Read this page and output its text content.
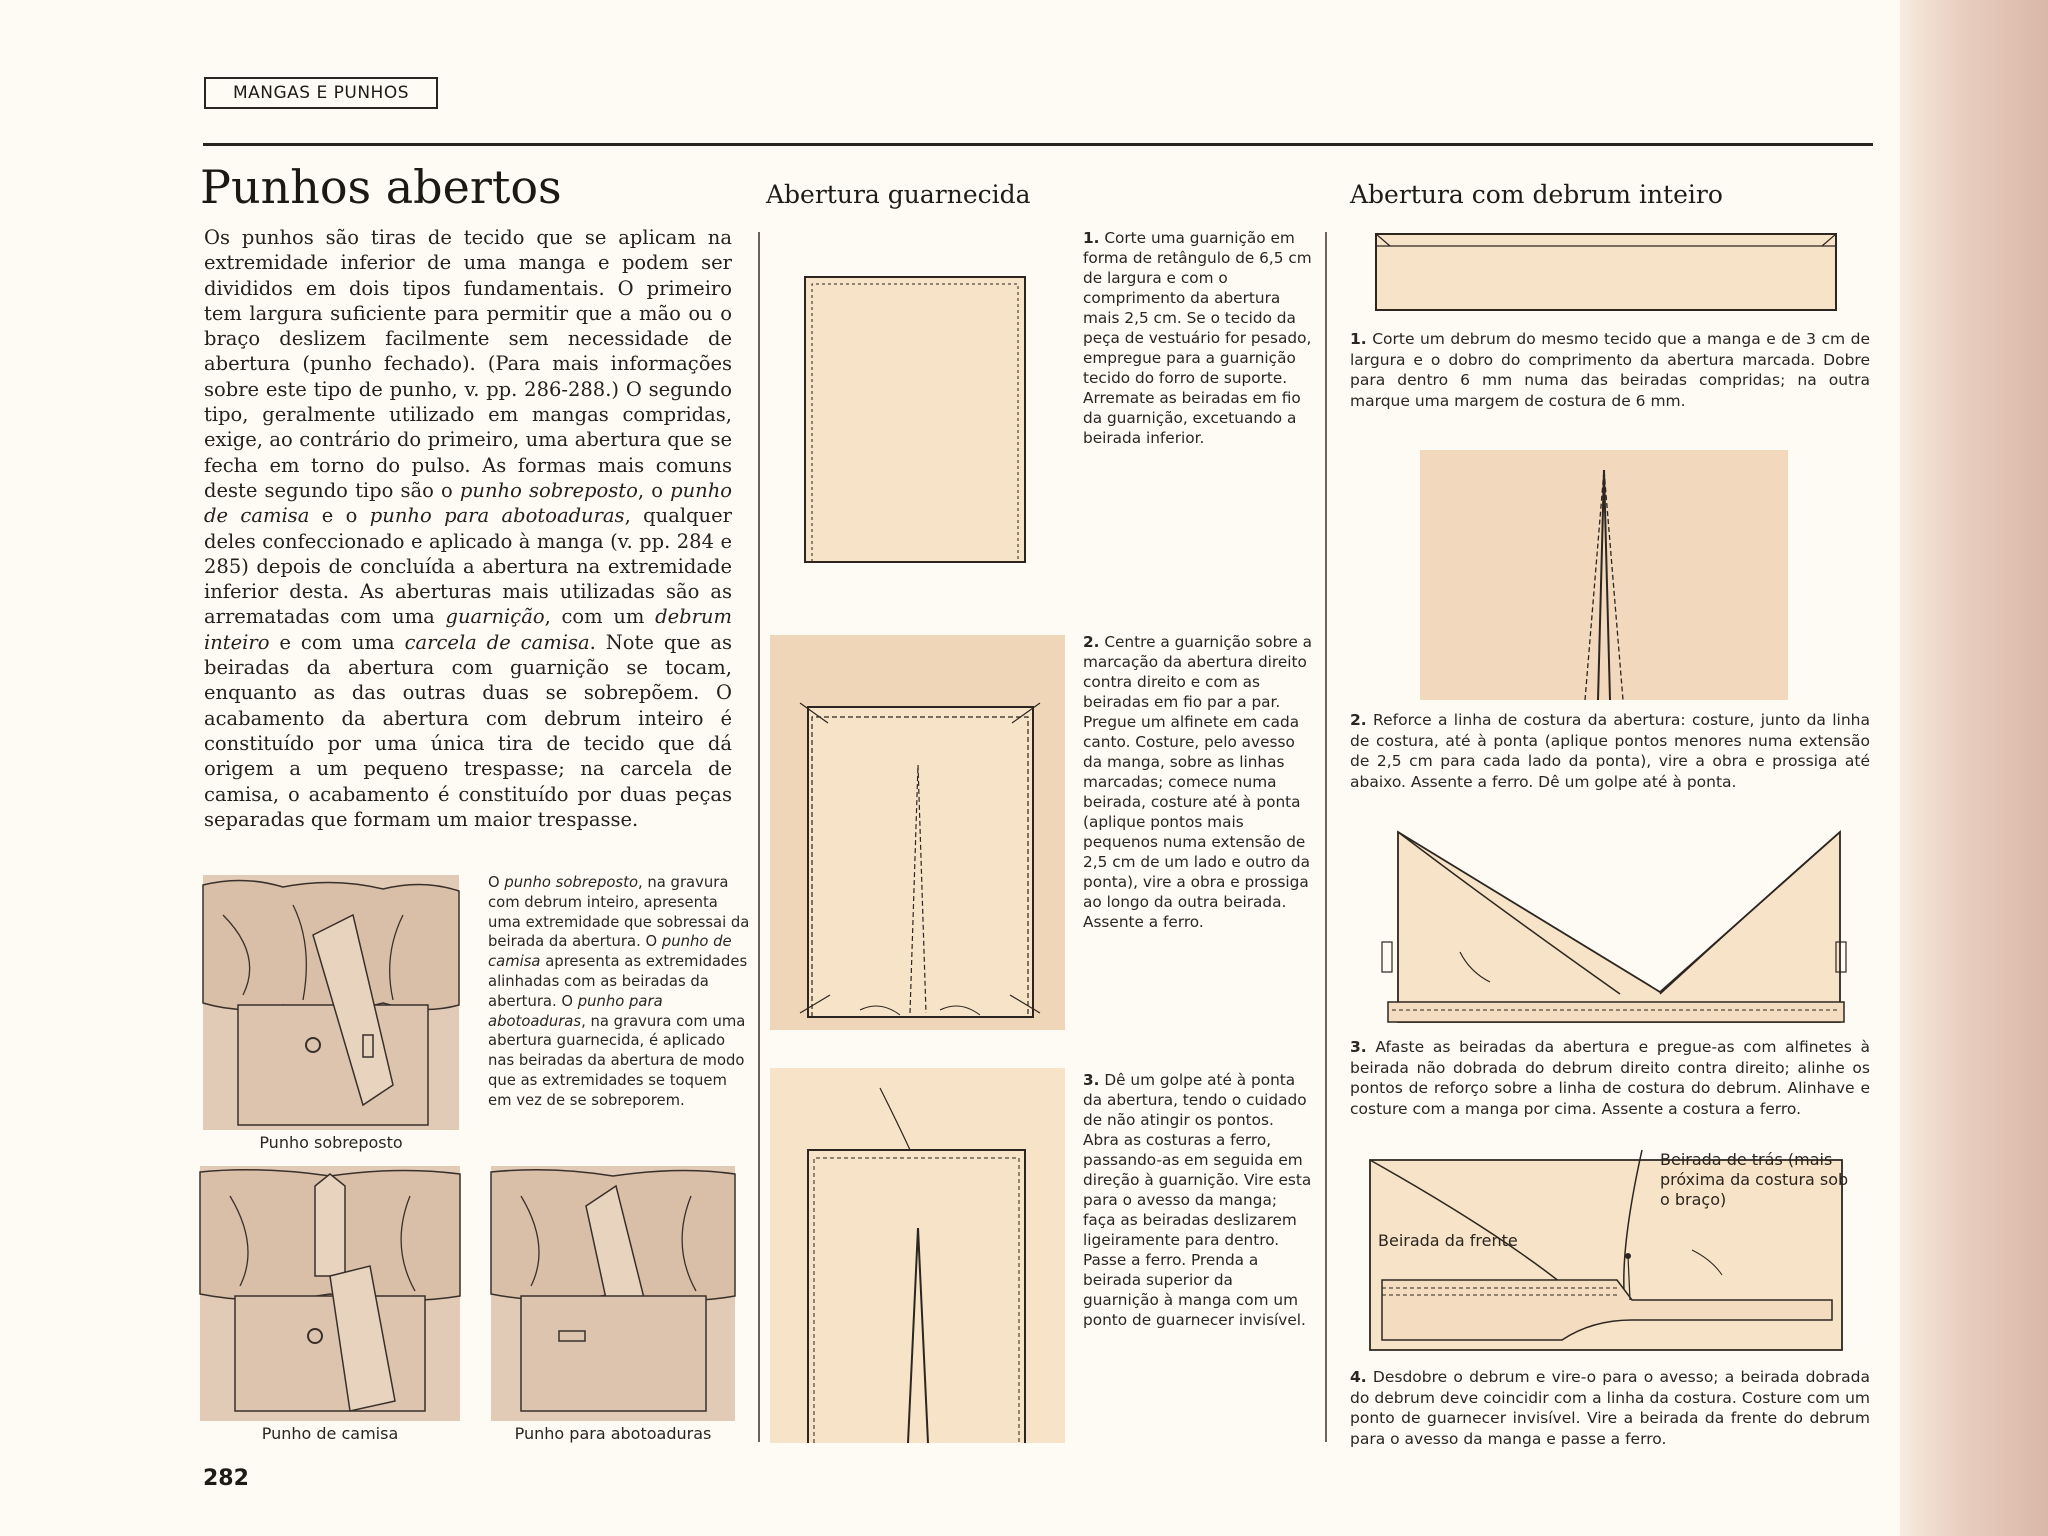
MANGAS E PUNHOS
Punhos abertos
Os punhos são tiras de tecido que se aplicam na extremidade inferior de uma manga e podem ser divididos em dois tipos fundamentais. O primeiro tem largura suficiente para permitir que a mão ou o braço deslizem facilmente sem necessidade de abertura (punho fechado). (Para mais informações sobre este tipo de punho, v. pp. 286-288.) O segundo tipo, geralmente utilizado em mangas compridas, exige, ao contrário do primeiro, uma abertura que se fecha em torno do pulso. As formas mais comuns deste segundo tipo são o punho sobreposto, o punho de camisa e o punho para abotoaduras, qualquer deles confeccionado e aplicado à manga (v. pp. 284 e 285) depois de concluída a abertura na extremidade inferior desta. As aberturas mais utilizadas são as arrematadas com uma guarnição, com um debrum inteiro e com uma carcela de camisa. Note que as beiradas da abertura com guarnição se tocam, enquanto as das outras duas se sobrepõem. O acabamento da abertura com debrum inteiro é constituído por uma única tira de tecido que dá origem a um pequeno trespasse; na carcela de camisa, o acabamento é constituído por duas peças separadas que formam um maior trespasse.
Punho sobreposto
O punho sobreposto, na gravura com debrum inteiro, apresenta uma extremidade que sobressai da beirada da abertura. O punho de camisa apresenta as extremidades alinhadas com as beiradas da abertura. O punho para abotoaduras, na gravura com uma abertura guarnecida, é aplicado nas beiradas da abertura de modo que as extremidades se toquem em vez de se sobreporem.
Punho de camisa	Punho para abotoaduras
Abertura guarnecida
1. Corte uma guarnição em forma de retângulo de 6,5 cm de largura e com o comprimento da abertura mais 2,5 cm. Se o tecido da peça de vestuário for pesado, empregue para a guarnição tecido do forro de suporte. Arremate as beiradas em fio da guarnição, excetuando a beirada inferior.
2. Centre a guarnição sobre a marcação da abertura direito contra direito e com as beiradas em fio par a par. Pregue um alfinete em cada canto. Costure, pelo avesso da manga, sobre as linhas marcadas; comece numa beirada, costure até à ponta (aplique pontos mais pequenos numa extensão de 2,5 cm de um lado e outro da ponta), vire a obra e prossiga ao longo da outra beirada. Assente a ferro.
3. Dê um golpe até à ponta da abertura, tendo o cuidado de não atingir os pontos. Abra as costuras a ferro, passando-as em seguida em direção à guarnição. Vire esta para o avesso da manga; faça as beiradas deslizarem ligeiramente para dentro. Passe a ferro. Prenda a beirada superior da guarnição à manga com um ponto de guarnecer invisível.
Abertura com debrum inteiro
1. Corte um debrum do mesmo tecido que a manga e de 3 cm de largura e o dobro do comprimento da abertura marcada. Dobre para dentro 6 mm numa das beiradas compridas; na outra marque uma margem de costura de 6 mm.
2. Reforce a linha de costura da abertura: costure, junto da linha de costura, até à ponta (aplique pontos menores numa extensão de 2,5 cm para cada lado da ponta), vire a obra e prossiga até abaixo. Assente a ferro. Dê um golpe até à ponta.
3. Afaste as beiradas da abertura e pregue-as com alfinetes à beirada não dobrada do debrum direito contra direito; alinhe os pontos de reforço sobre a linha de costura do debrum. Alinhave e costure com a manga por cima. Assente a costura a ferro.
Beirada de trás (mais próxima da costura sob o braço)
Beirada da frente
4. Desdobre o debrum e vire-o para o avesso; a beirada dobrada do debrum deve coincidir com a linha da costura. Costure com um ponto de guarnecer invisível. Vire a beirada da frente do debrum para o avesso da manga e passe a ferro.
282
